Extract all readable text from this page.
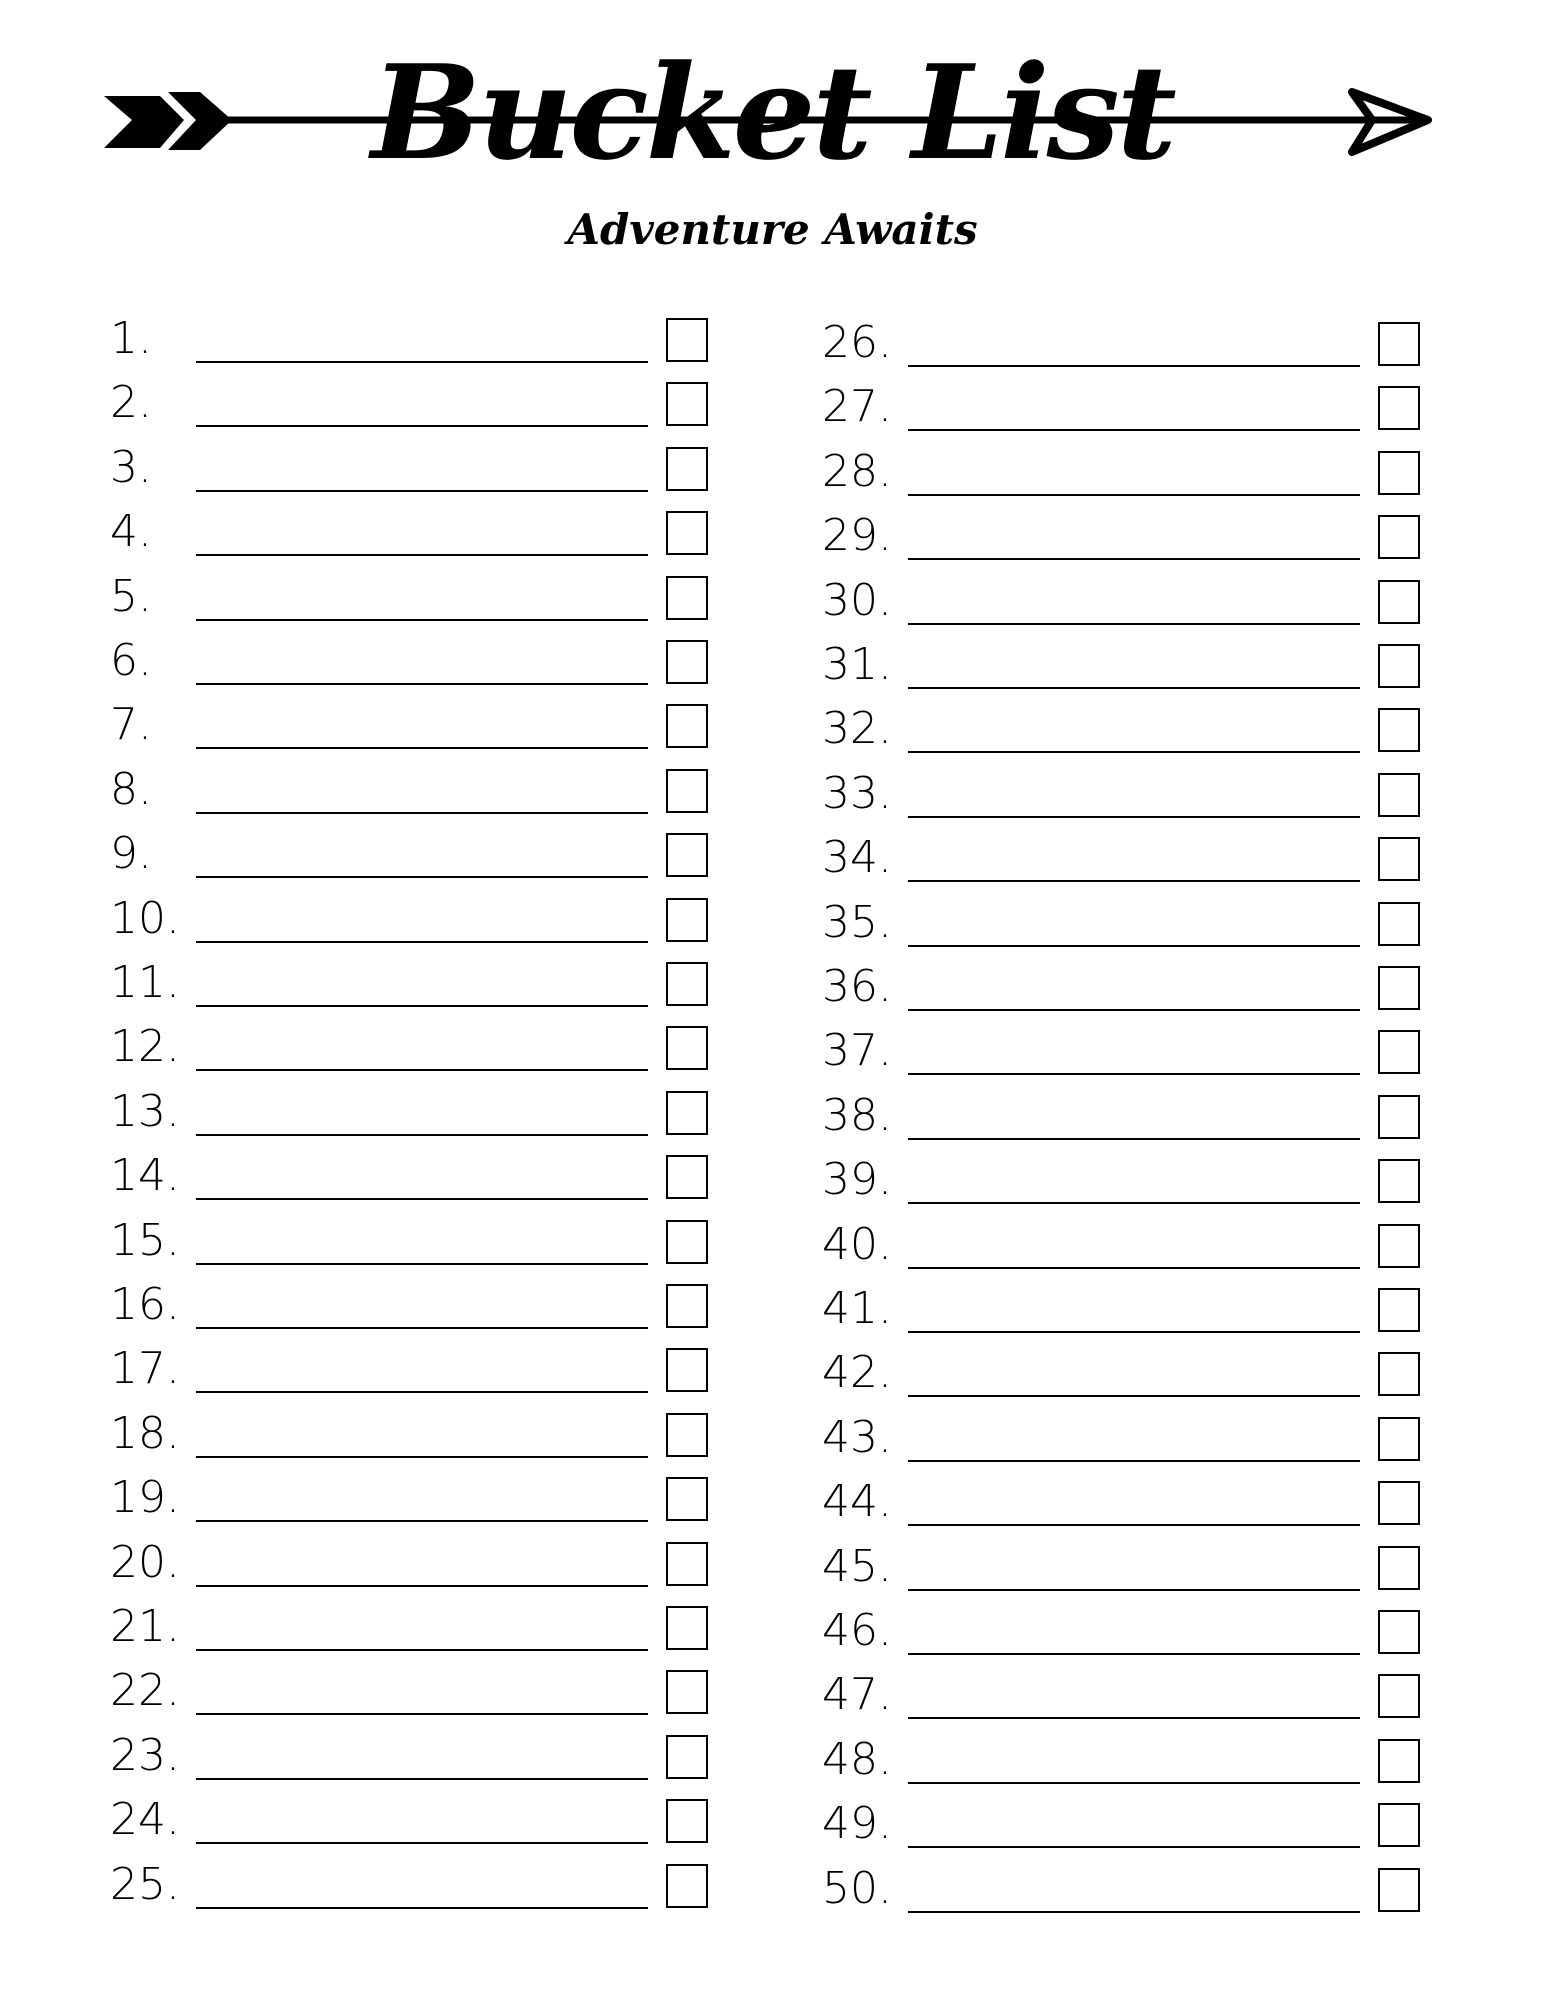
Bucket List
Adventure Awaits
1.
2.
3.
4.
5.
6.
7.
8.
9.
10.
11.
12.
13.
14.
15.
16.
17.
18.
19.
20.
21.
22.
23.
24.
25.
26.
27.
28.
29.
30.
31.
32.
33.
34.
35.
36.
37.
38.
39.
40.
41.
42.
43.
44.
45.
46.
47.
48.
49.
50.
